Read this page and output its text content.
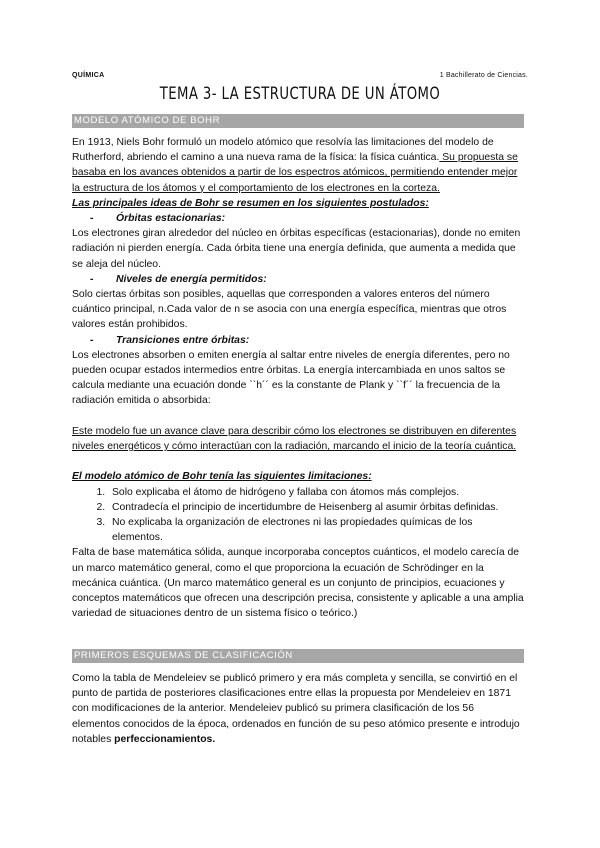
QUÍMICA	1 Bachillerato de Ciencias.
TEMA 3- LA ESTRUCTURA DE UN ÁTOMO
MODELO ATÓMICO DE BOHR

En 1913, Niels Bohr formuló un modelo atómico que resolvía las limitaciones del modelo de Rutherford, abriendo el camino a una nueva rama de la física: la física cuántica. Su propuesta se basaba en los avances obtenidos a partir de los espectros atómicos, permitiendo entender mejor la estructura de los átomos y el comportamiento de los electrones en la corteza.

Las principales ideas de Bohr se resumen en los siguientes postulados:

- Órbitas estacionarias:

Los electrones giran alrededor del núcleo en órbitas específicas (estacionarias), donde no emiten radiación ni pierden energía. Cada órbita tiene una energía definida, que aumenta a medida que se aleja del núcleo.

- Niveles de energía permitidos:

Solo ciertas órbitas son posibles, aquellas que corresponden a valores enteros del número cuántico principal, n.Cada valor de n se asocia con una energía específica, mientras que otros valores están prohibidos.

- Transiciones entre órbitas:

Los electrones absorben o emiten energía al saltar entre niveles de energía diferentes, pero no pueden ocupar estados intermedios entre órbitas. La energía intercambiada en unos saltos se calcula mediante una ecuación donde ``h´´ es la constante de Plank y ``f´´ la frecuencia de la radiación emitida o absorbida:

Este modelo fue un avance clave para describir cómo los electrones se distribuyen en diferentes niveles energéticos y cómo interactúan con la radiación, marcando el inicio de la teoría cuántica.

El modelo atómico de Bohr tenía las siguientes limitaciones:

1. Solo explicaba el átomo de hidrógeno y fallaba con átomos más complejos.
2. Contradecía el principio de incertidumbre de Heisenberg al asumir órbitas definidas.
3. No explicaba la organización de electrones ni las propiedades químicas de los elementos.

Falta de base matemática sólida, aunque incorporaba conceptos cuánticos, el modelo carecía de un marco matemático general, como el que proporciona la ecuación de Schrödinger en la mecánica cuántica. (Un marco matemático general es un conjunto de principios, ecuaciones y conceptos matemáticos que ofrecen una descripción precisa, consistente y aplicable a una amplia variedad de situaciones dentro de un sistema físico o teórico.)

PRIMEROS ESQUEMAS DE CLASIFICACIÓN

Como la tabla de Mendeleiev se publicó primero y era más completa y sencilla, se convirtió en el punto de partida de posteriores clasificaciones entre ellas la propuesta por Mendeleiev en 1871 con modificaciones de la anterior. Mendeleiev publicó su primera clasificación de los 56 elementos conocidos de la época, ordenados en función de su peso atómico presente e introdujo notables perfeccionamientos.
